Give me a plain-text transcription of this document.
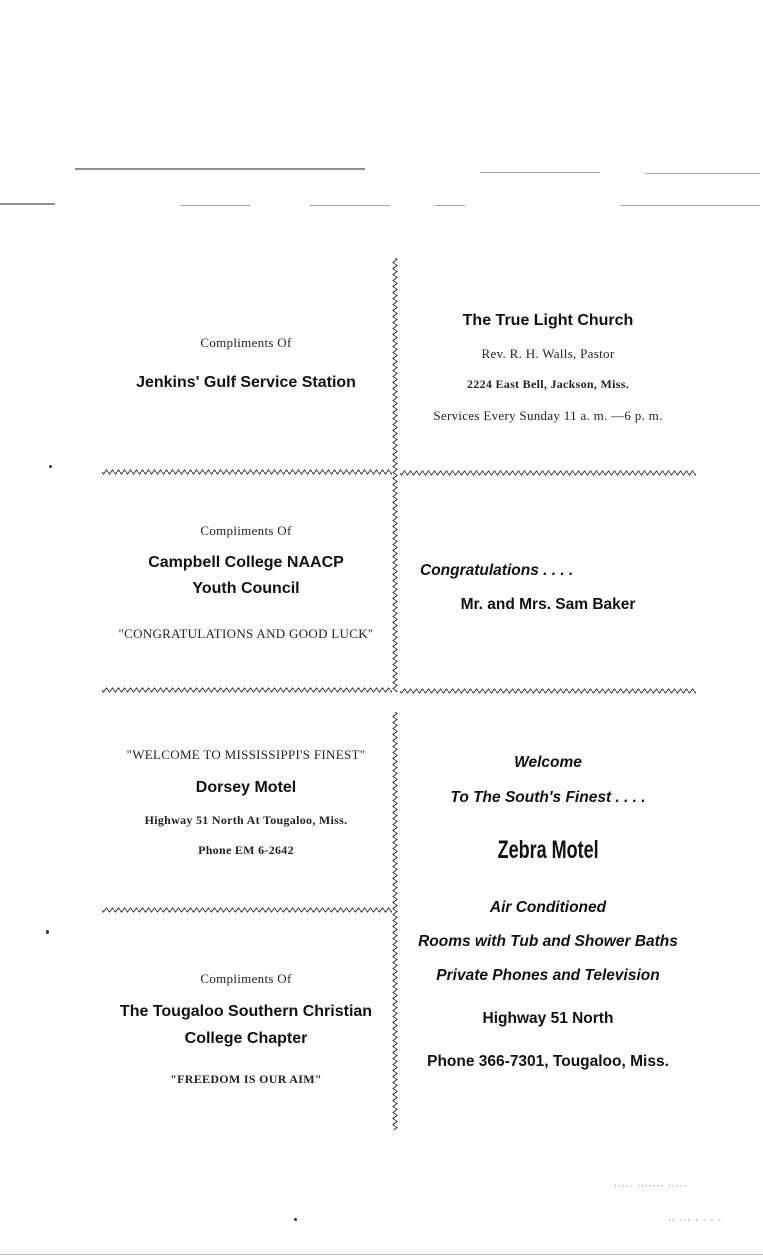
····· ······· ·····
·· ··· · · · ·
Compliments Of
Jenkins' Gulf Service Station
The True Light Church
Rev. R. H. Walls, Pastor
2224 East Bell, Jackson, Miss.
Services Every Sunday 11 a. m. —6 p. m.
Compliments Of
Campbell College NAACP
Youth Council
"CONGRATULATIONS AND GOOD LUCK"
Congratulations . . . .
Mr. and Mrs. Sam Baker
"WELCOME TO MISSISSIPPI'S FINEST"
Dorsey Motel
Highway 51 North At Tougaloo, Miss.
Phone EM 6-2642
Welcome
To The South's Finest . . . .
Zebra Motel
Air Conditioned
Rooms with Tub and Shower Baths
Private Phones and Television
Highway 51 North
Phone 366-7301, Tougaloo, Miss.
Compliments Of
The Tougaloo Southern Christian
College Chapter
"FREEDOM IS OUR AIM"
